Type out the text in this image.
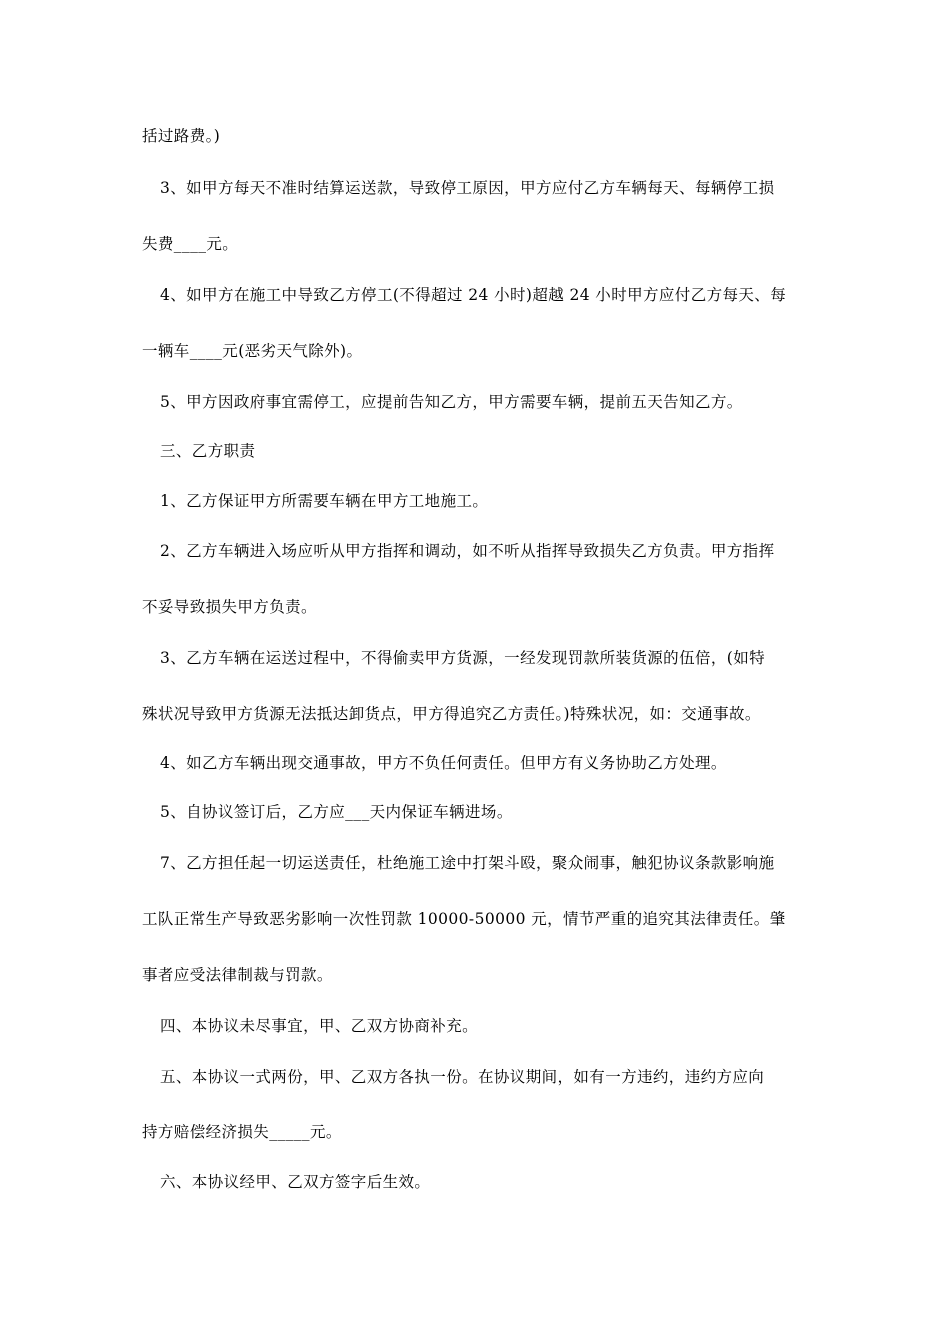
括过路费。)
3、如甲方每天不准时结算运送款，导致停工原因，甲方应付乙方车辆每天、每辆停工损
失费____元。
4、如甲方在施工中导致乙方停工(不得超过 24 小时)超越 24 小时甲方应付乙方每天、每
一辆车____元(恶劣天气除外)。
5、甲方因政府事宜需停工，应提前告知乙方，甲方需要车辆，提前五天告知乙方。
三、乙方职责
1、乙方保证甲方所需要车辆在甲方工地施工。
2、乙方车辆进入场应听从甲方指挥和调动，如不听从指挥导致损失乙方负责。甲方指挥
不妥导致损失甲方负责。
3、乙方车辆在运送过程中，不得偷卖甲方货源，一经发现罚款所装货源的伍倍，(如特
殊状况导致甲方货源无法抵达卸货点，甲方得追究乙方责任。)特殊状况，如：交通事故。
4、如乙方车辆出现交通事故，甲方不负任何责任。但甲方有义务协助乙方处理。
5、自协议签订后，乙方应___天内保证车辆进场。
7、乙方担任起一切运送责任，杜绝施工途中打架斗殴，聚众闹事，触犯协议条款影响施
工队正常生产导致恶劣影响一次性罚款 10000-50000 元，情节严重的追究其法律责任。肇
事者应受法律制裁与罚款。
四、本协议未尽事宜，甲、乙双方协商补充。
五、本协议一式两份，甲、乙双方各执一份。在协议期间，如有一方违约，违约方应向
持方赔偿经济损失_____元。
六、本协议经甲、乙双方签字后生效。
